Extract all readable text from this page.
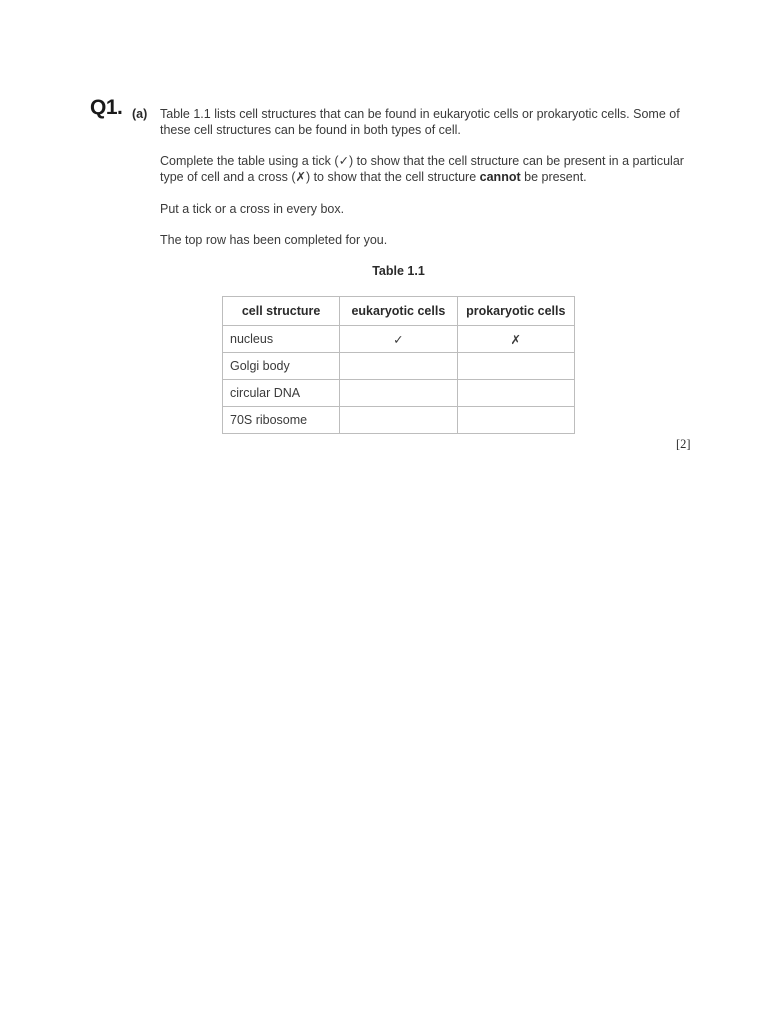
Q1. (a) Table 1.1 lists cell structures that can be found in eukaryotic cells or prokaryotic cells. Some of these cell structures can be found in both types of cell.
Complete the table using a tick (✓) to show that the cell structure can be present in a particular type of cell and a cross (✗) to show that the cell structure cannot be present.
Put a tick or a cross in every box.
The top row has been completed for you.
Table 1.1
cell structure	eukaryotic cells	prokaryotic cells
nucleus	✓	✗
Golgi body		
circular DNA		
70S ribosome		
[2]
